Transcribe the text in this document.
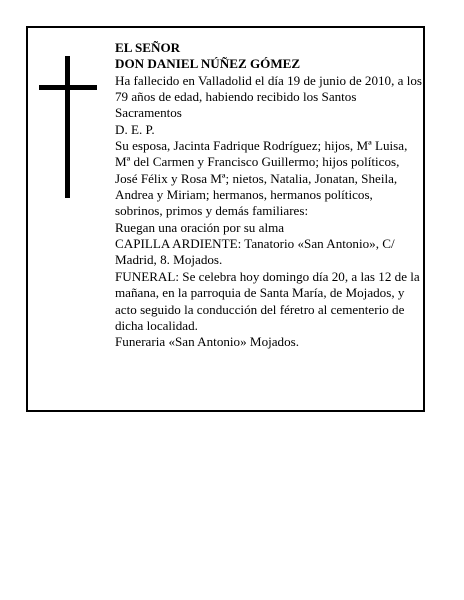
EL SEÑOR

DON DANIEL NÚÑEZ GÓMEZ

Ha fallecido en Valladolid el día 19 de junio de 2010, a los 79 años de edad, habiendo recibido los Santos Sacramentos

D. E. P.

Su esposa, Jacinta Fadrique Rodríguez; hijos, Mª Luisa, Mª del Carmen y Francisco Guillermo; hijos políticos, José Félix y Rosa Mª; nietos, Natalia, Jonatan, Sheila, Andrea y Miriam; hermanos, hermanos políticos, sobrinos, primos y demás familiares:

Ruegan una oración por su alma

CAPILLA ARDIENTE: Tanatorio «San Antonio», C/ Madrid, 8. Mojados.

FUNERAL: Se celebra hoy domingo día 20, a las 12 de la mañana, en la parroquia de Santa María, de Mojados, y acto seguido la conducción del féretro al cementerio de dicha localidad.

Funeraria «San Antonio» Mojados.
